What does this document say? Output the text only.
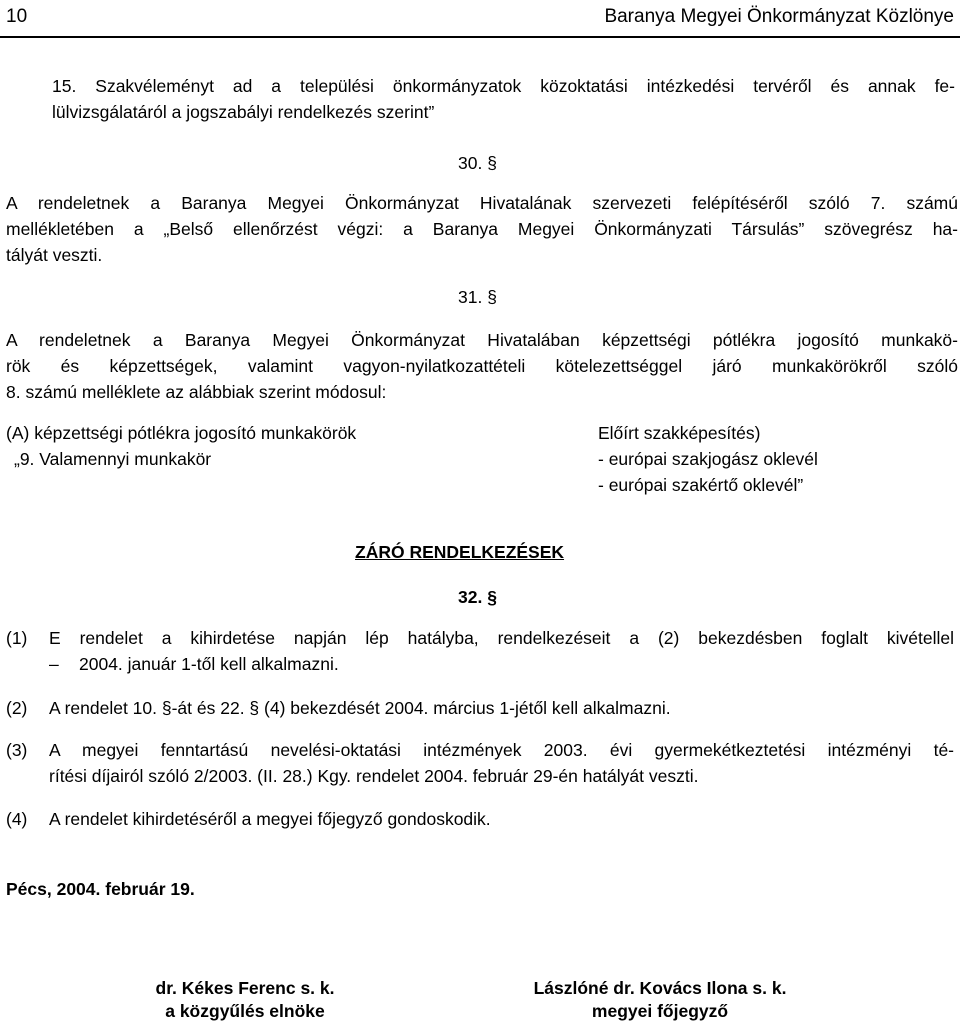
10	Baranya Megyei Önkormányzat Közlönye
15. Szakvéleményt ad a települési önkormányzatok közoktatási intézkedési tervéről és annak fe-
lülvizsgálatáról a jogszabályi rendelkezés szerint”
30. §
A rendeletnek a Baranya Megyei Önkormányzat Hivatalának szervezeti felépítéséről szóló 7. számú
mellékletében a „Belső ellenőrzést végzi: a Baranya Megyei Önkormányzati Társulás” szövegrész ha-
tályát veszti.
31. §
A rendeletnek a Baranya Megyei Önkormányzat Hivatalában képzettségi pótlékra jogosító munkakö-
rök és képzettségek, valamint vagyon-nyilatkozattételi kötelezettséggel járó munkakörökről szóló
8. számú melléklete az alábbiak szerint módosul:
(A) képzettségi pótlékra jogosító munkakörök	Előírt szakképesítés)
„9. Valamennyi munkakör	- európai szakjogász oklevél
- európai szakértő oklevél”
ZÁRÓ RENDELKEZÉSEK
32. §
(1) E rendelet a kihirdetése napján lép hatályba, rendelkezéseit a (2) bekezdésben foglalt kivétellel
– 2004. január 1-től kell alkalmazni.
(2) A rendelet 10. §-át és 22. § (4) bekezdését 2004. március 1-jétől kell alkalmazni.
(3) A megyei fenntartású nevelési-oktatási intézmények 2003. évi gyermekétkeztetési intézményi té-
rítési díjairól szóló 2/2003. (II. 28.) Kgy. rendelet 2004. február 29-én hatályát veszti.
(4) A rendelet kihirdetéséről a megyei főjegyző gondoskodik.
Pécs, 2004. február 19.
dr. Kékes Ferenc s. k.
a közgyűlés elnöke
Lászlóné dr. Kovács Ilona s. k.
megyei főjegyző
